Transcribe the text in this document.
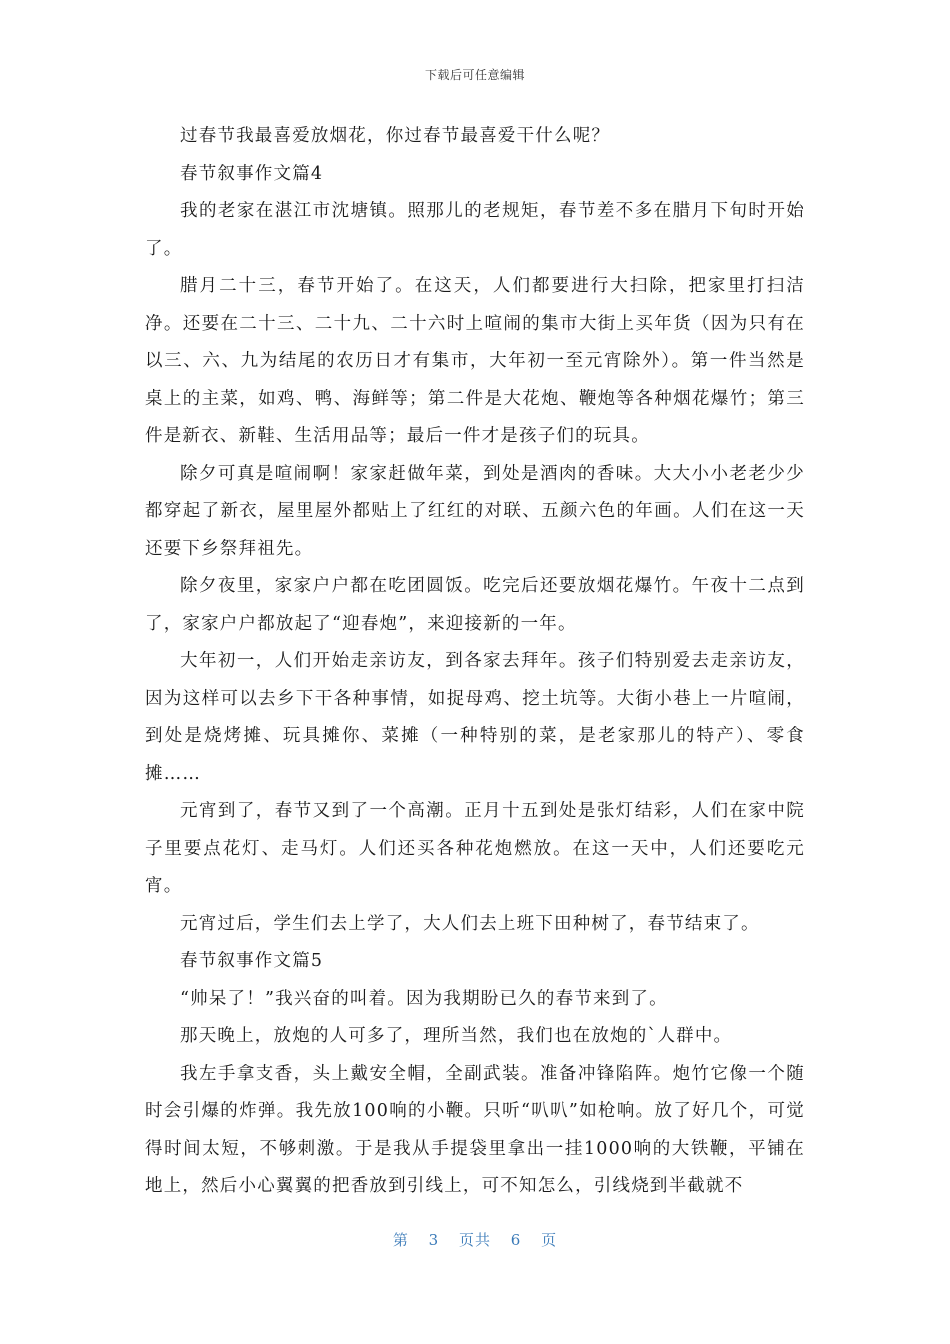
下载后可任意编辑

过春节我最喜爱放烟花，你过春节最喜爱干什么呢？

春节叙事作文篇4

我的老家在湛江市沈塘镇。照那儿的老规矩，春节差不多在腊月下旬时开始了。

腊月二十三，春节开始了。在这天，人们都要进行大扫除，把家里打扫洁净。还要在二十三、二十九、二十六时上喧闹的集市大街上买年货（因为只有在以三、六、九为结尾的农历日才有集市，大年初一至元宵除外）。第一件当然是桌上的主菜，如鸡、鸭、海鲜等；第二件是大花炮、鞭炮等各种烟花爆竹；第三件是新衣、新鞋、生活用品等；最后一件才是孩子们的玩具。

除夕可真是喧闹啊！家家赶做年菜，到处是酒肉的香味。大大小小老老少少都穿起了新衣，屋里屋外都贴上了红红的对联、五颜六色的年画。人们在这一天还要下乡祭拜祖先。

除夕夜里，家家户户都在吃团圆饭。吃完后还要放烟花爆竹。午夜十二点到了，家家户户都放起了“迎春炮”，来迎接新的一年。

大年初一，人们开始走亲访友，到各家去拜年。孩子们特别爱去走亲访友，因为这样可以去乡下干各种事情，如捉母鸡、挖土坑等。大街小巷上一片喧闹，到处是烧烤摊、玩具摊你、菜摊（一种特别的菜，是老家那儿的特产）、零食摊……

元宵到了，春节又到了一个高潮。正月十五到处是张灯结彩，人们在家中院子里要点花灯、走马灯。人们还买各种花炮燃放。在这一天中，人们还要吃元宵。

元宵过后，学生们去上学了，大人们去上班下田种树了，春节结束了。

春节叙事作文篇5

“帅呆了！”我兴奋的叫着。因为我期盼已久的春节来到了。

那天晚上，放炮的人可多了，理所当然，我们也在放炮的`人群中。

我左手拿支香，头上戴安全帽，全副武装。准备冲锋陷阵。炮竹它像一个随时会引爆的炸弹。我先放100响的小鞭。只听“叭叭”如枪响。放了好几个，可觉得时间太短，不够刺激。于是我从手提袋里拿出一挂1000响的大铁鞭，平铺在地上，然后小心翼翼的把香放到引线上，可不知怎么，引线烧到半截就不

第 3 页共 6 页
